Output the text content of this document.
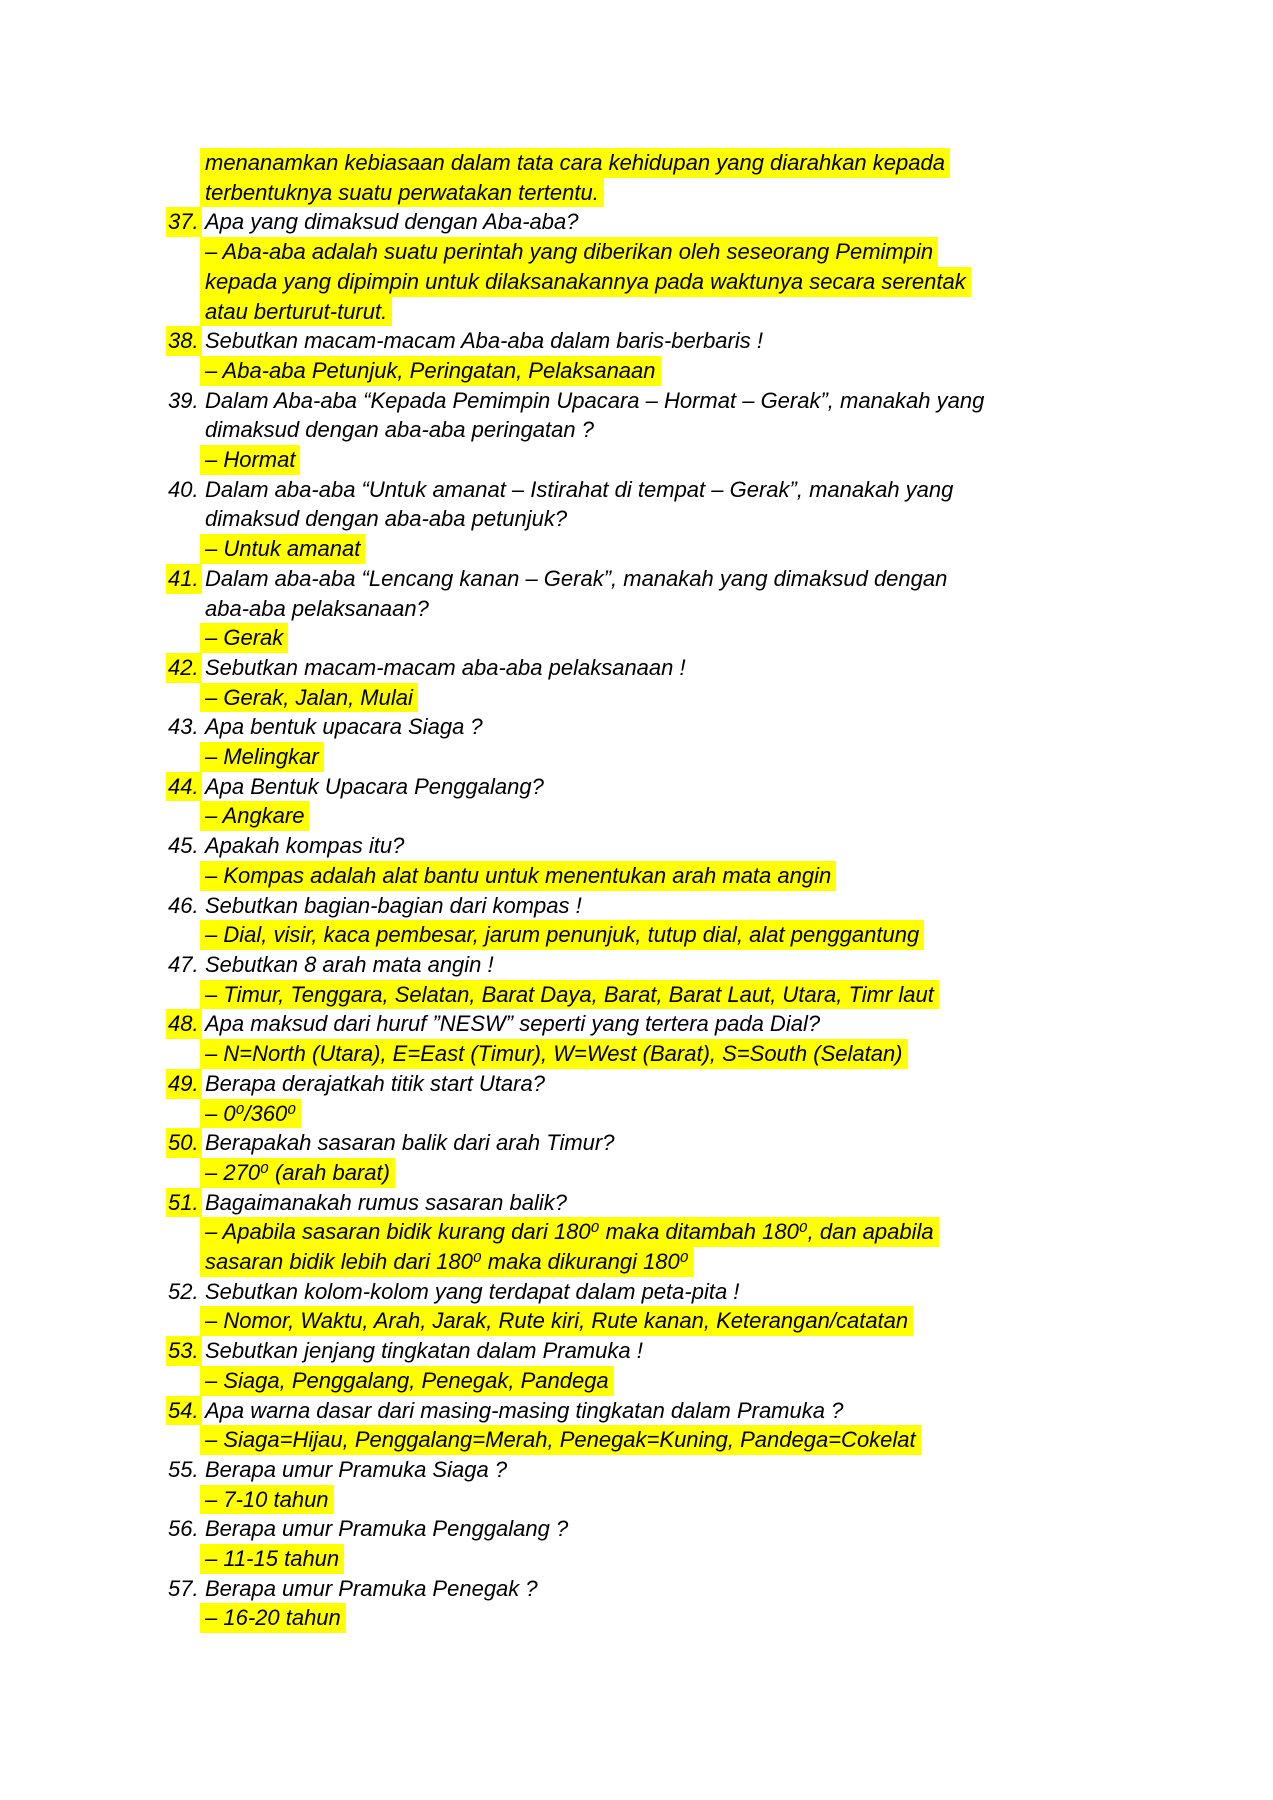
menanamkan kebiasaan dalam tata cara kehidupan yang diarahkan kepada
terbentuknya suatu perwatakan tertentu.
37. Apa yang dimaksud dengan Aba-aba?
– Aba-aba adalah suatu perintah yang diberikan oleh seseorang Pemimpin
kepada yang dipimpin untuk dilaksanakannya pada waktunya secara serentak
atau berturut-turut.
38. Sebutkan macam-macam Aba-aba dalam baris-berbaris !
– Aba-aba Petunjuk, Peringatan, Pelaksanaan
39. Dalam Aba-aba “Kepada Pemimpin Upacara – Hormat – Gerak”, manakah yang
dimaksud dengan aba-aba peringatan ?
– Hormat
40. Dalam aba-aba “Untuk amanat – Istirahat di tempat – Gerak”, manakah yang
dimaksud dengan aba-aba petunjuk?
– Untuk amanat
41. Dalam aba-aba “Lencang kanan – Gerak”, manakah yang dimaksud dengan
aba-aba pelaksanaan?
– Gerak
42. Sebutkan macam-macam aba-aba pelaksanaan !
– Gerak, Jalan, Mulai
43. Apa bentuk upacara Siaga ?
– Melingkar
44. Apa Bentuk Upacara Penggalang?
– Angkare
45. Apakah kompas itu?
– Kompas adalah alat bantu untuk menentukan arah mata angin
46. Sebutkan bagian-bagian dari kompas !
– Dial, visir, kaca pembesar, jarum penunjuk, tutup dial, alat penggantung
47. Sebutkan 8 arah mata angin !
– Timur, Tenggara, Selatan, Barat Daya, Barat, Barat Laut, Utara, Timr laut
48. Apa maksud dari huruf ”NESW” seperti yang tertera pada Dial?
– N=North (Utara), E=East (Timur), W=West (Barat), S=South (Selatan)
49. Berapa derajatkah titik start Utara?
– 0⁰/360⁰
50. Berapakah sasaran balik dari arah Timur?
– 270⁰ (arah barat)
51. Bagaimanakah rumus sasaran balik?
– Apabila sasaran bidik kurang dari 180⁰ maka ditambah 180⁰, dan apabila
sasaran bidik lebih dari 180⁰ maka dikurangi 180⁰
52. Sebutkan kolom-kolom yang terdapat dalam peta-pita !
– Nomor, Waktu, Arah, Jarak, Rute kiri, Rute kanan, Keterangan/catatan
53. Sebutkan jenjang tingkatan dalam Pramuka !
– Siaga, Penggalang, Penegak, Pandega
54. Apa warna dasar dari masing-masing tingkatan dalam Pramuka ?
– Siaga=Hijau, Penggalang=Merah, Penegak=Kuning, Pandega=Cokelat
55. Berapa umur Pramuka Siaga ?
– 7-10 tahun
56. Berapa umur Pramuka Penggalang ?
– 11-15 tahun
57. Berapa umur Pramuka Penegak ?
– 16-20 tahun
